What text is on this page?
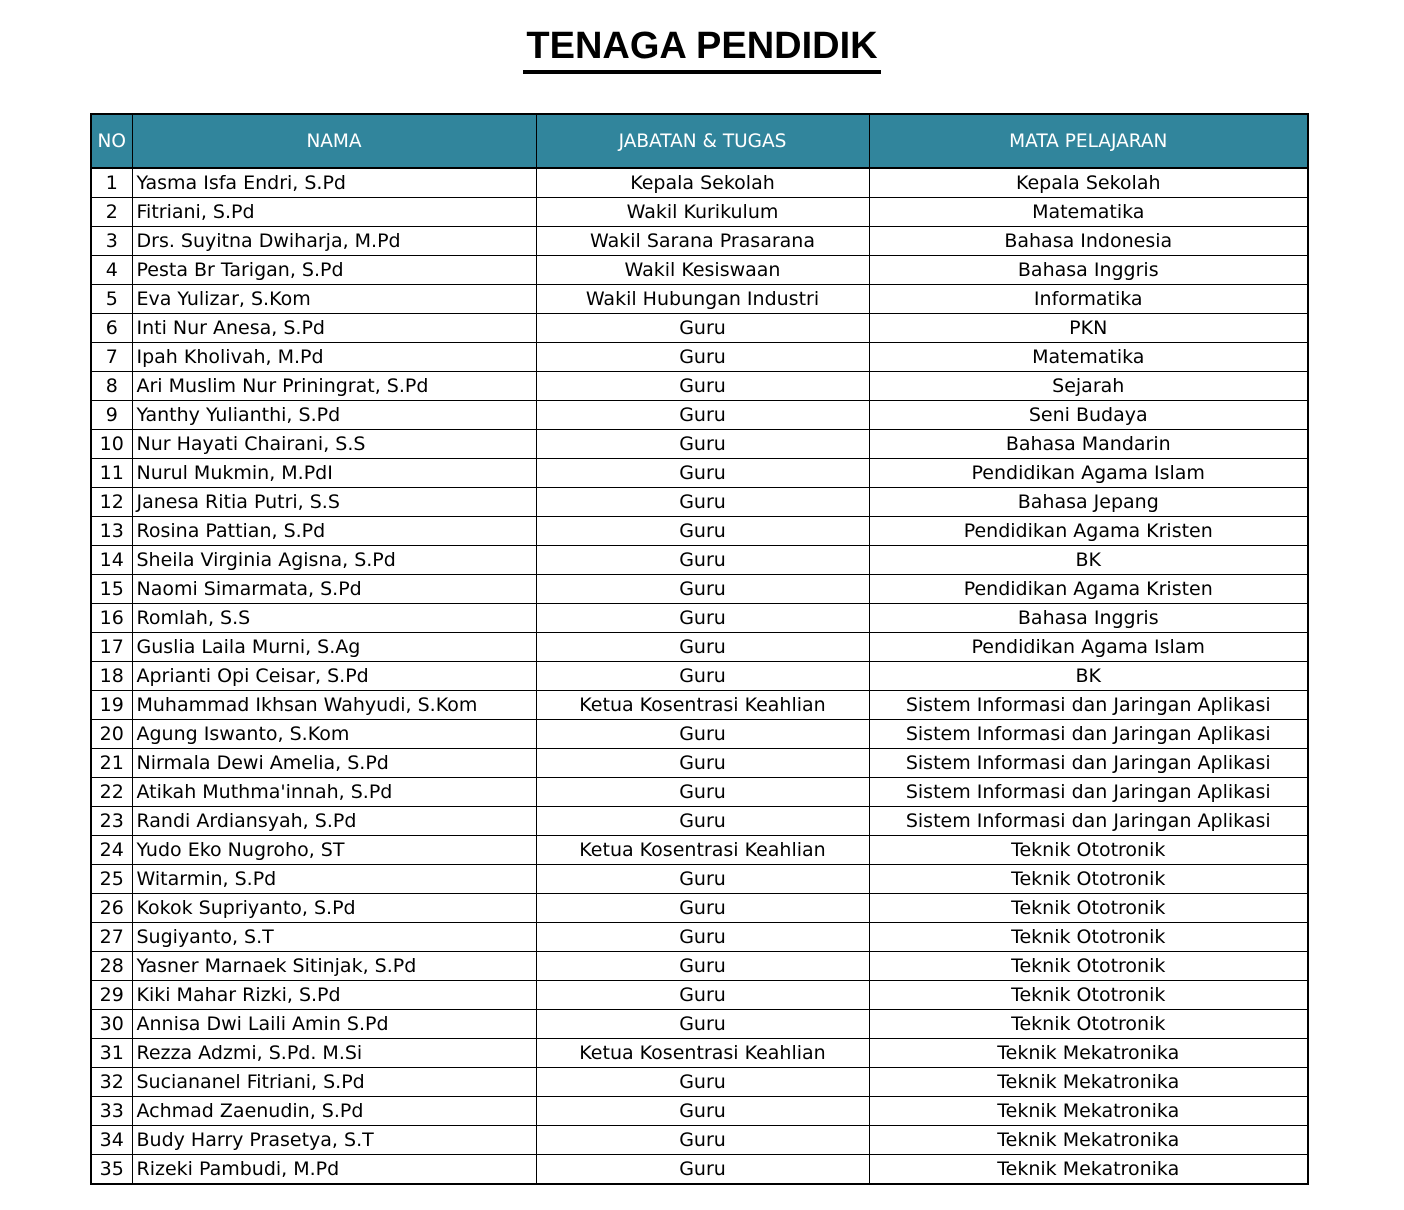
TENAGA PENDIDIK
NO	NAMA	JABATAN & TUGAS	MATA PELAJARAN
1	Yasma Isfa Endri, S.Pd	Kepala Sekolah	Kepala Sekolah
2	Fitriani, S.Pd	Wakil Kurikulum	Matematika
3	Drs. Suyitna Dwiharja, M.Pd	Wakil Sarana Prasarana	Bahasa Indonesia
4	Pesta Br Tarigan, S.Pd	Wakil Kesiswaan	Bahasa Inggris
5	Eva Yulizar, S.Kom	Wakil Hubungan Industri	Informatika
6	Inti Nur Anesa, S.Pd	Guru	PKN
7	Ipah Kholivah, M.Pd	Guru	Matematika
8	Ari Muslim Nur Priningrat, S.Pd	Guru	Sejarah
9	Yanthy Yulianthi, S.Pd	Guru	Seni Budaya
10	Nur Hayati Chairani, S.S	Guru	Bahasa Mandarin
11	Nurul Mukmin, M.PdI	Guru	Pendidikan Agama Islam
12	Janesa Ritia Putri, S.S	Guru	Bahasa Jepang
13	Rosina Pattian, S.Pd	Guru	Pendidikan Agama Kristen
14	Sheila Virginia Agisna, S.Pd	Guru	BK
15	Naomi Simarmata, S.Pd	Guru	Pendidikan Agama Kristen
16	Romlah, S.S	Guru	Bahasa Inggris
17	Guslia Laila Murni, S.Ag	Guru	Pendidikan Agama Islam
18	Aprianti Opi Ceisar, S.Pd	Guru	BK
19	Muhammad Ikhsan Wahyudi, S.Kom	Ketua Kosentrasi Keahlian	Sistem Informasi dan Jaringan Aplikasi
20	Agung Iswanto, S.Kom	Guru	Sistem Informasi dan Jaringan Aplikasi
21	Nirmala Dewi Amelia, S.Pd	Guru	Sistem Informasi dan Jaringan Aplikasi
22	Atikah Muthma'innah, S.Pd	Guru	Sistem Informasi dan Jaringan Aplikasi
23	Randi Ardiansyah, S.Pd	Guru	Sistem Informasi dan Jaringan Aplikasi
24	Yudo Eko Nugroho, ST	Ketua Kosentrasi Keahlian	Teknik Ototronik
25	Witarmin, S.Pd	Guru	Teknik Ototronik
26	Kokok Supriyanto, S.Pd	Guru	Teknik Ototronik
27	Sugiyanto, S.T	Guru	Teknik Ototronik
28	Yasner Marnaek Sitinjak, S.Pd	Guru	Teknik Ototronik
29	Kiki Mahar Rizki, S.Pd	Guru	Teknik Ototronik
30	Annisa Dwi Laili Amin S.Pd	Guru	Teknik Ototronik
31	Rezza Adzmi, S.Pd. M.Si	Ketua Kosentrasi Keahlian	Teknik Mekatronika
32	Suciananel Fitriani, S.Pd	Guru	Teknik Mekatronika
33	Achmad Zaenudin, S.Pd	Guru	Teknik Mekatronika
34	Budy Harry Prasetya, S.T	Guru	Teknik Mekatronika
35	Rizeki Pambudi, M.Pd	Guru	Teknik Mekatronika
